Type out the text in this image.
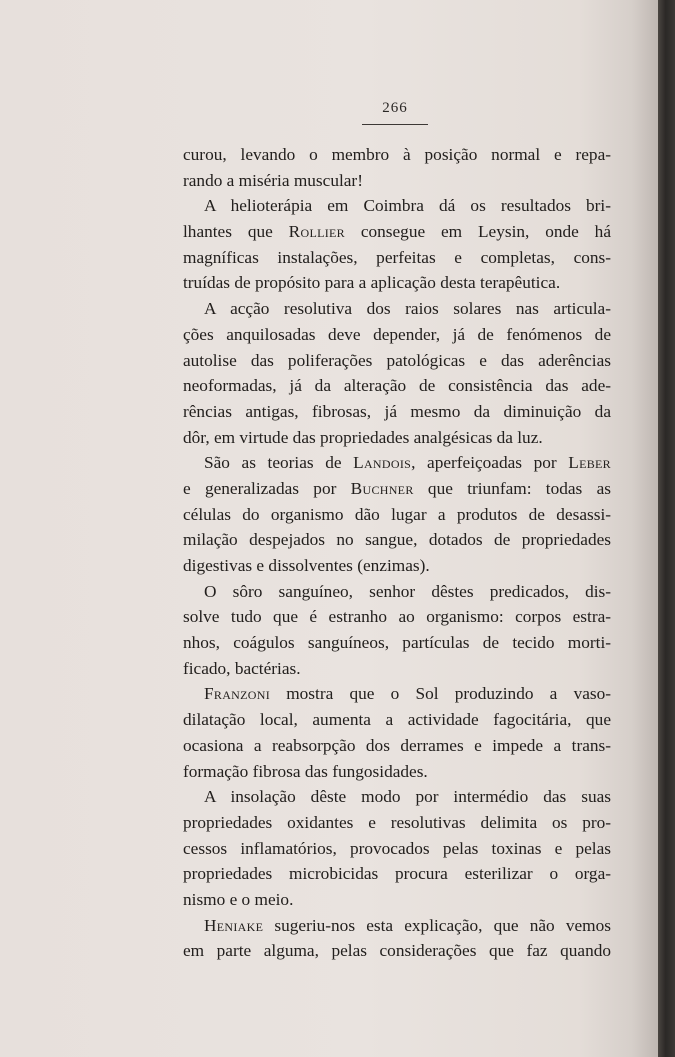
266
curou, levando o membro à posição normal e repa-
rando a miséria muscular!
A helioterápia em Coimbra dá os resultados bri-
lhantes que Rollier consegue em Leysin, onde há
magníficas instalações, perfeitas e completas, cons-
truídas de propósito para a aplicação desta terapêutica.
A acção resolutiva dos raios solares nas articula-
ções anquilosadas deve depender, já de fenómenos de
autolise das poliferações patológicas e das aderências
neoformadas, já da alteração de consistência das ade-
rências antigas, fibrosas, já mesmo da diminuição da
dôr, em virtude das propriedades analgésicas da luz.
São as teorias de Landois, aperfeiçoadas por Leber
e generalizadas por Buchner que triunfam: todas as
células do organismo dão lugar a produtos de desassi-
milação despejados no sangue, dotados de propriedades
digestivas e dissolventes (enzimas).
O sôro sanguíneo, senhor dêstes predicados, dis-
solve tudo que é estranho ao organismo: corpos estra-
nhos, coágulos sanguíneos, partículas de tecido morti-
ficado, bactérias.
Franzoni mostra que o Sol produzindo a vaso-
dilatação local, aumenta a actividade fagocitária, que
ocasiona a reabsorpção dos derrames e impede a trans-
formação fibrosa das fungosidades.
A insolação dêste modo por intermédio das suas
propriedades oxidantes e resolutivas delimita os pro-
cessos inflamatórios, provocados pelas toxinas e pelas
propriedades microbicidas procura esterilizar o orga-
nismo e o meio.
Heniake sugeriu-nos esta explicação, que não vemos
em parte alguma, pelas considerações que faz quando
